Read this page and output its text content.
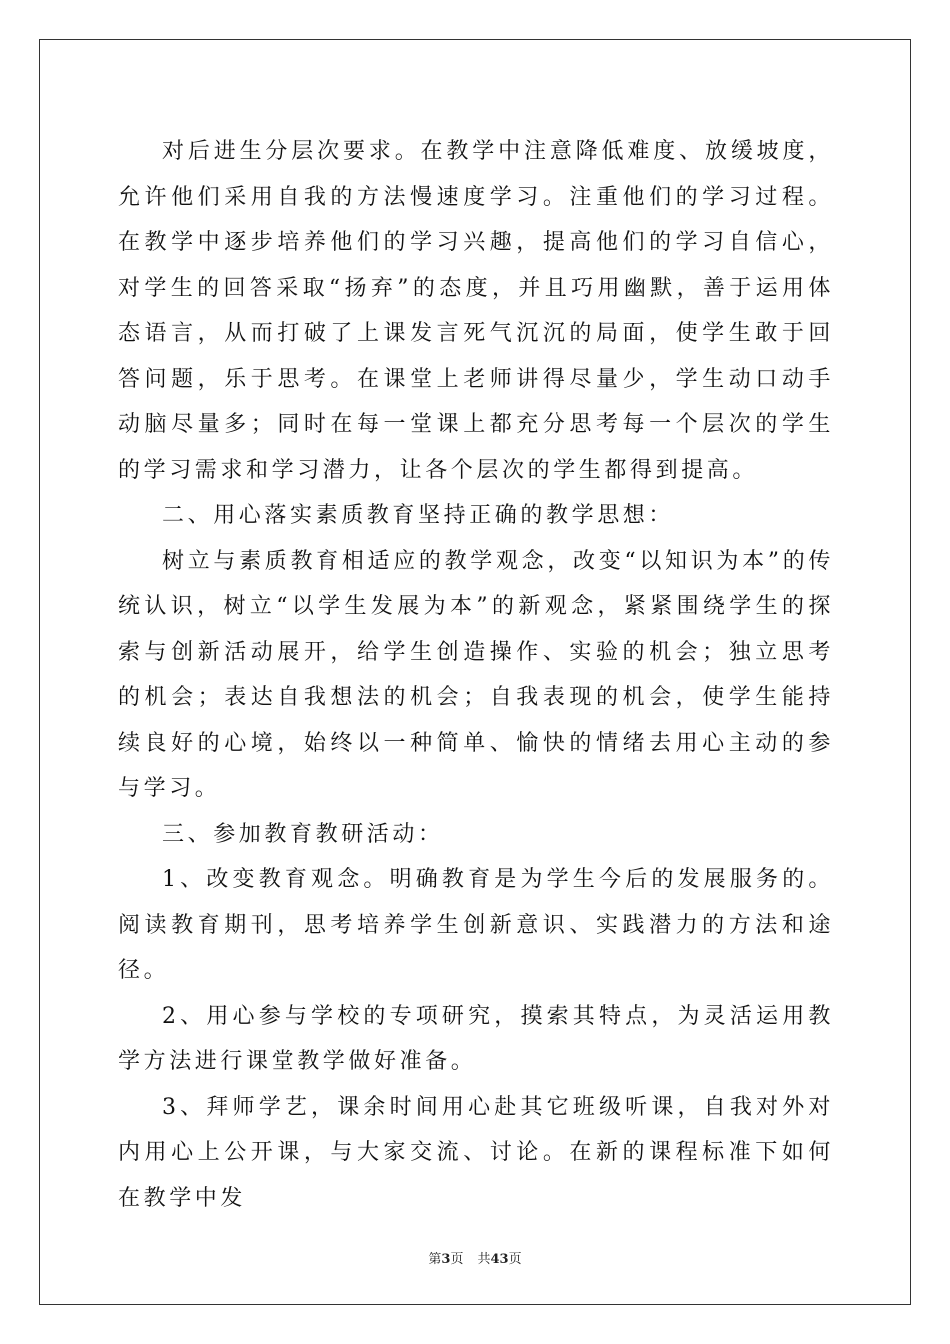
对后进生分层次要求。在教学中注意降低难度、放缓坡度，允许他们采用自我的方法慢速度学习。注重他们的学习过程。在教学中逐步培养他们的学习兴趣，提高他们的学习自信心，对学生的回答采取“扬弃”的态度，并且巧用幽默，善于运用体态语言，从而打破了上课发言死气沉沉的局面，使学生敢于回答问题，乐于思考。在课堂上老师讲得尽量少，学生动口动手动脑尽量多；同时在每一堂课上都充分思考每一个层次的学生的学习需求和学习潜力，让各个层次的学生都得到提高。

二、用心落实素质教育坚持正确的教学思想：

树立与素质教育相适应的教学观念，改变“以知识为本”的传统认识，树立“以学生发展为本”的新观念，紧紧围绕学生的探索与创新活动展开，给学生创造操作、实验的机会；独立思考的机会；表达自我想法的机会；自我表现的机会，使学生能持续良好的心境，始终以一种简单、愉快的情绪去用心主动的参与学习。

三、参加教育教研活动：

1、改变教育观念。明确教育是为学生今后的发展服务的。阅读教育期刊，思考培养学生创新意识、实践潜力的方法和途径。

2、用心参与学校的专项研究，摸索其特点，为灵活运用教学方法进行课堂教学做好准备。

3、拜师学艺，课余时间用心赴其它班级听课，自我对外对内用心上公开课，与大家交流、讨论。在新的课程标准下如何在教学中发

第3页 共43页
